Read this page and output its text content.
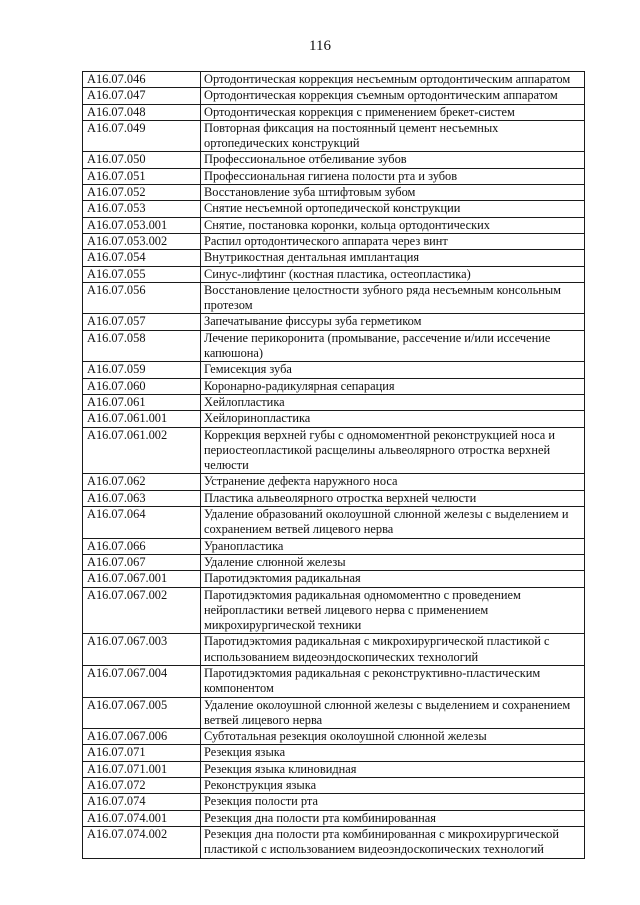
116
A16.07.046	Ортодонтическая коррекция несъемным ортодонтическим аппаратом
A16.07.047	Ортодонтическая коррекция съемным ортодонтическим аппаратом
A16.07.048	Ортодонтическая коррекция с применением брекет-систем
A16.07.049	Повторная фиксация на постоянный цемент несъемных ортопедических конструкций
A16.07.050	Профессиональное отбеливание зубов
A16.07.051	Профессиональная гигиена полости рта и зубов
A16.07.052	Восстановление зуба штифтовым зубом
A16.07.053	Снятие несъемной ортопедической конструкции
A16.07.053.001	Снятие, постановка коронки, кольца ортодонтических
A16.07.053.002	Распил ортодонтического аппарата через винт
A16.07.054	Внутрикостная дентальная имплантация
A16.07.055	Синус-лифтинг (костная пластика, остеопластика)
A16.07.056	Восстановление целостности зубного ряда несъемным консольным протезом
A16.07.057	Запечатывание фиссуры зуба герметиком
A16.07.058	Лечение перикоронита (промывание, рассечение и/или иссечение капюшона)
A16.07.059	Гемисекция зуба
A16.07.060	Коронарно-радикулярная сепарация
A16.07.061	Хейлопластика
A16.07.061.001	Хейлоринопластика
A16.07.061.002	Коррекция верхней губы с одномоментной реконструкцией носа и периостеопластикой расщелины альвеолярного отростка верхней челюсти
A16.07.062	Устранение дефекта наружного носа
A16.07.063	Пластика альвеолярного отростка верхней челюсти
A16.07.064	Удаление образований околоушной слюнной железы с выделением и сохранением ветвей лицевого нерва
A16.07.066	Уранопластика
A16.07.067	Удаление слюнной железы
A16.07.067.001	Паротидэктомия радикальная
A16.07.067.002	Паротидэктомия радикальная одномоментно с проведением нейропластики ветвей лицевого нерва с применением микрохирургической техники
A16.07.067.003	Паротидэктомия радикальная с микрохирургической пластикой с использованием видеоэндоскопических технологий
A16.07.067.004	Паротидэктомия радикальная с реконструктивно-пластическим компонентом
A16.07.067.005	Удаление околоушной слюнной железы с выделением и сохранением ветвей лицевого нерва
A16.07.067.006	Субтотальная резекция околоушной слюнной железы
A16.07.071	Резекция языка
A16.07.071.001	Резекция языка клиновидная
A16.07.072	Реконструкция языка
A16.07.074	Резекция полости рта
A16.07.074.001	Резекция дна полости рта комбинированная
A16.07.074.002	Резекция дна полости рта комбинированная с микрохирургической пластикой с использованием видеоэндоскопических технологий
